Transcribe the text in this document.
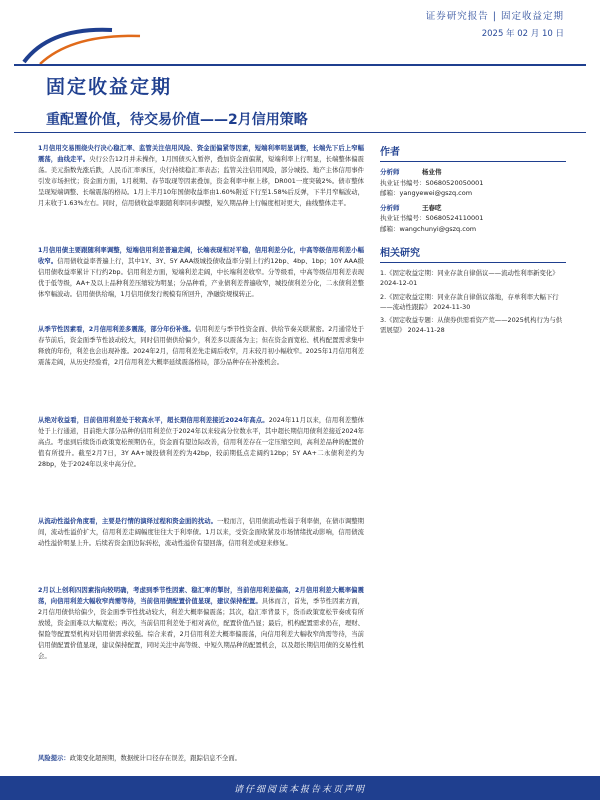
证券研究报告 | 固定收益定期
2025 年 02 月 10 日
固定收益定期
重配置价值，待交易价值——2月信用策略

1月信用交易围绕央行决心稳汇率、监管关注信用风险、资金面偏紧等因素，短端利率明显调整，长端先下后上窄幅震荡，曲线走平。央行公告12月并未操作，1月国债买入暂停，叠加资金面偏紧，短端利率上行明显，长端整体偏震荡。美元指数先涨后跌，人民币汇率承压，央行持续稳汇率表态；监管关注信用风险，部分城投、地产主体信用事件引发市场担忧；资金面方面，1月税期、春节取现等因素叠加，资金利率中枢上移，DR001一度突破2%。债市整体呈现短端调整、长端震荡的格局。1月上半月10年国债收益率由1.60%附近下行至1.58%后反弹，下半月窄幅波动，月末收于1.63%左右。同时，信用债收益率跟随利率同步调整，短久期品种上行幅度相对更大，曲线整体走平。

1月信用债主要跟随利率调整，短端信用利差普遍走阔，长端表现相对平稳，信用利差分化，中高等级信用利差小幅收窄。信用债收益率普遍上行，其中1Y、3Y、5Y AAA级城投债收益率分别上行约12bp、4bp、1bp；10Y AAA级信用债收益率累计下行约2bp。信用利差方面，短端利差走阔，中长端利差收窄。分等级看，中高等级信用利差表现优于低等级，AA+及以上品种利差压缩较为明显；分品种看，产业债利差普遍收窄，城投债利差分化，二永债利差整体窄幅波动。信用债供给端，1月信用债发行规模有所回升，净融资规模转正。

从季节性因素看，2月信用利差多震荡，部分年份补涨。信用利差与季节性资金面、供给节奏关联紧密。2月通常处于春节前后，资金面季节性波动较大，同时信用债供给偏少，利差多以震荡为主；但在资金面宽松、机构配置需求集中释放的年份，利差也会出现补涨。2024年2月，信用利差先走阔后收窄，月末较月初小幅收窄。2025年1月信用利差震荡走阔，从历史经验看，2月信用利差大概率延续震荡格局，部分品种存在补涨机会。

从绝对收益看，目前信用利差处于较高水平，超长期信用利差接近2024年高点。2024年11月以来，信用利差整体处于上行通道，目前绝大部分品种的信用利差位于2024年以来较高分位数水平，其中超长期信用债利差接近2024年高点。考虑到后续货币政策宽松预期仍在，资金面有望边际改善，信用利差存在一定压缩空间，高利差品种的配置价值有所提升。截至2月7日，3Y AA+城投债利差约为42bp，较前期低点走阔约12bp；5Y AA+二永债利差约为28bp，处于2024年以来中高分位。

从流动性溢价角度看，主要是行情的演绎过程和资金面的扰动。一般而言，信用债流动性弱于利率债，在债市调整期间，流动性溢价扩大，信用利差走阔幅度往往大于利率债。1月以来，受资金面收紧及市场情绪扰动影响，信用债流动性溢价明显上升。后续若资金面边际转松，流动性溢价有望回落，信用利差或迎来修复。

2月以上创利四因素指向较明确，考虑到季节性因素、稳汇率的掣肘，当前信用利差偏高，2月信用利差大概率偏震荡，向信用利差大幅收窄尚需等待，当前信用债配置价值显现，建议保持配置。具体而言，首先，季节性因素方面，2月信用债供给偏少，资金面季节性扰动较大，利差大概率偏震荡；其次，稳汇率背景下，货币政策宽松节奏或有所放缓，资金面难以大幅宽松；再次，当前信用利差处于相对高位，配置价值凸显；最后，机构配置需求仍在，理财、保险等配置型机构对信用债需求较强。综合来看，2月信用利差大概率偏震荡，向信用利差大幅收窄尚需等待，当前信用债配置价值显现，建议保持配置，同时关注中高等级、中短久期品种的配置机会，以及超长期信用债的交易性机会。

风险提示：政策变化超预期，数据统计口径存在误差，跟踪信息不全面。

作者
分析师	杨业伟
执业证书编号：S0680520050001
邮箱：yangyewei@gszq.com
分析师	王春呓
执业证书编号：S0680524110001
邮箱：wangchunyi@gszq.com
相关研究
1.《固定收益定期：同业存款自律倡议——流动性利率新变化》 2024-12-01
2.《固定收益定期：同业存款自律倡议落地，存单利率大幅下行——流动性跟踪》 2024-11-30
3.《固定收益专题：从债券供需看资产荒——2025机构行为与供需展望》 2024-11-28
请仔细阅读本报告末页声明
